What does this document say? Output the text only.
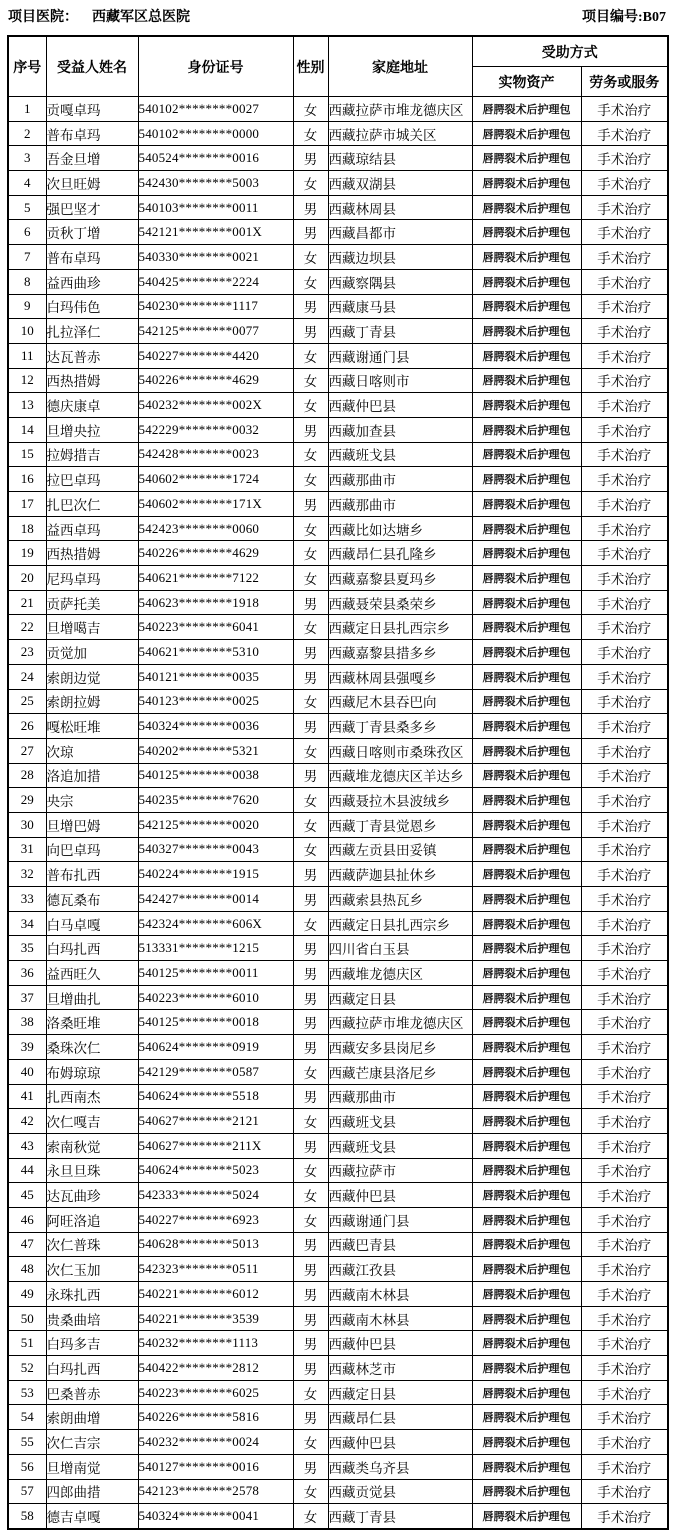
项目医院： 西藏军区总医院	项目编号:B07
序号	受益人姓名	身份证号	性别	家庭地址	受助方式	
					实物资产	劳务或服务
1	贡嘎卓玛	540102********0027	女	西藏拉萨市堆龙德庆区	唇腭裂术后护理包	手术治疗
2	普布卓玛	540102********0000	女	西藏拉萨市城关区	唇腭裂术后护理包	手术治疗
3	吾金旦增	540524********0016	男	西藏琼结县	唇腭裂术后护理包	手术治疗
4	次旦旺姆	542430********5003	女	西藏双湖县	唇腭裂术后护理包	手术治疗
5	强巴坚才	540103********0011	男	西藏林周县	唇腭裂术后护理包	手术治疗
6	贡秋丁增	542121********001X	男	西藏昌都市	唇腭裂术后护理包	手术治疗
7	普布卓玛	540330********0021	女	西藏边坝县	唇腭裂术后护理包	手术治疗
8	益西曲珍	540425********2224	女	西藏察隅县	唇腭裂术后护理包	手术治疗
9	白玛伟色	540230********1117	男	西藏康马县	唇腭裂术后护理包	手术治疗
10	扎拉泽仁	542125********0077	男	西藏丁青县	唇腭裂术后护理包	手术治疗
11	达瓦普赤	540227********4420	女	西藏谢通门县	唇腭裂术后护理包	手术治疗
12	西热措姆	540226********4629	女	西藏日喀则市	唇腭裂术后护理包	手术治疗
13	德庆康卓	540232********002X	女	西藏仲巴县	唇腭裂术后护理包	手术治疗
14	旦增央拉	542229********0032	男	西藏加查县	唇腭裂术后护理包	手术治疗
15	拉姆措吉	542428********0023	女	西藏班戈县	唇腭裂术后护理包	手术治疗
16	拉巴卓玛	540602********1724	女	西藏那曲市	唇腭裂术后护理包	手术治疗
17	扎巴次仁	540602********171X	男	西藏那曲市	唇腭裂术后护理包	手术治疗
18	益西卓玛	542423********0060	女	西藏比如达塘乡	唇腭裂术后护理包	手术治疗
19	西热措姆	540226********4629	女	西藏昂仁县孔隆乡	唇腭裂术后护理包	手术治疗
20	尼玛卓玛	540621********7122	女	西藏嘉黎县夏玛乡	唇腭裂术后护理包	手术治疗
21	贡萨托美	540623********1918	男	西藏聂荣县桑荣乡	唇腭裂术后护理包	手术治疗
22	旦增噶吉	540223********6041	女	西藏定日县扎西宗乡	唇腭裂术后护理包	手术治疗
23	贡觉加	540621********5310	男	西藏嘉黎县措多乡	唇腭裂术后护理包	手术治疗
24	索朗边觉	540121********0035	男	西藏林周县强嘎乡	唇腭裂术后护理包	手术治疗
25	索朗拉姆	540123********0025	女	西藏尼木县吞巴向	唇腭裂术后护理包	手术治疗
26	嘎松旺堆	540324********0036	男	西藏丁青县桑多乡	唇腭裂术后护理包	手术治疗
27	次琼	540202********5321	女	西藏日喀则市桑珠孜区	唇腭裂术后护理包	手术治疗
28	洛追加措	540125********0038	男	西藏堆龙德庆区羊达乡	唇腭裂术后护理包	手术治疗
29	央宗	540235********7620	女	西藏聂拉木县波绒乡	唇腭裂术后护理包	手术治疗
30	旦增巴姆	542125********0020	女	西藏丁青县觉恩乡	唇腭裂术后护理包	手术治疗
31	向巴卓玛	540327********0043	女	西藏左贡县田妥镇	唇腭裂术后护理包	手术治疗
32	普布扎西	540224********1915	男	西藏萨迦县扯休乡	唇腭裂术后护理包	手术治疗
33	德瓦桑布	542427********0014	男	西藏索县热瓦乡	唇腭裂术后护理包	手术治疗
34	白马卓嘎	542324********606X	女	西藏定日县扎西宗乡	唇腭裂术后护理包	手术治疗
35	白玛扎西	513331********1215	男	四川省白玉县	唇腭裂术后护理包	手术治疗
36	益西旺久	540125********0011	男	西藏堆龙德庆区	唇腭裂术后护理包	手术治疗
37	旦增曲扎	540223********6010	男	西藏定日县	唇腭裂术后护理包	手术治疗
38	洛桑旺堆	540125********0018	男	西藏拉萨市堆龙德庆区	唇腭裂术后护理包	手术治疗
39	桑珠次仁	540624********0919	男	西藏安多县岗尼乡	唇腭裂术后护理包	手术治疗
40	布姆琼琼	542129********0587	女	西藏芒康县洛尼乡	唇腭裂术后护理包	手术治疗
41	扎西南杰	540624********5518	男	西藏那曲市	唇腭裂术后护理包	手术治疗
42	次仁嘎吉	540627********2121	女	西藏班戈县	唇腭裂术后护理包	手术治疗
43	索南秋觉	540627********211X	男	西藏班戈县	唇腭裂术后护理包	手术治疗
44	永旦旦珠	540624********5023	女	西藏拉萨市	唇腭裂术后护理包	手术治疗
45	达瓦曲珍	542333********5024	女	西藏仲巴县	唇腭裂术后护理包	手术治疗
46	阿旺洛追	540227********6923	女	西藏谢通门县	唇腭裂术后护理包	手术治疗
47	次仁普珠	540628********5013	男	西藏巴青县	唇腭裂术后护理包	手术治疗
48	次仁玉加	542323********0511	男	西藏江孜县	唇腭裂术后护理包	手术治疗
49	永珠扎西	540221********6012	男	西藏南木林县	唇腭裂术后护理包	手术治疗
50	贵桑曲培	540221********3539	男	西藏南木林县	唇腭裂术后护理包	手术治疗
51	白玛多吉	540232********1113	男	西藏仲巴县	唇腭裂术后护理包	手术治疗
52	白玛扎西	540422********2812	男	西藏林芝市	唇腭裂术后护理包	手术治疗
53	巴桑普赤	540223********6025	女	西藏定日县	唇腭裂术后护理包	手术治疗
54	索朗曲增	540226********5816	男	西藏昂仁县	唇腭裂术后护理包	手术治疗
55	次仁吉宗	540232********0024	女	西藏仲巴县	唇腭裂术后护理包	手术治疗
56	旦增南觉	540127********0016	男	西藏类乌齐县	唇腭裂术后护理包	手术治疗
57	四郎曲措	542123********2578	女	西藏贡觉县	唇腭裂术后护理包	手术治疗
58	德吉卓嘎	540324********0041	女	西藏丁青县	唇腭裂术后护理包	手术治疗
